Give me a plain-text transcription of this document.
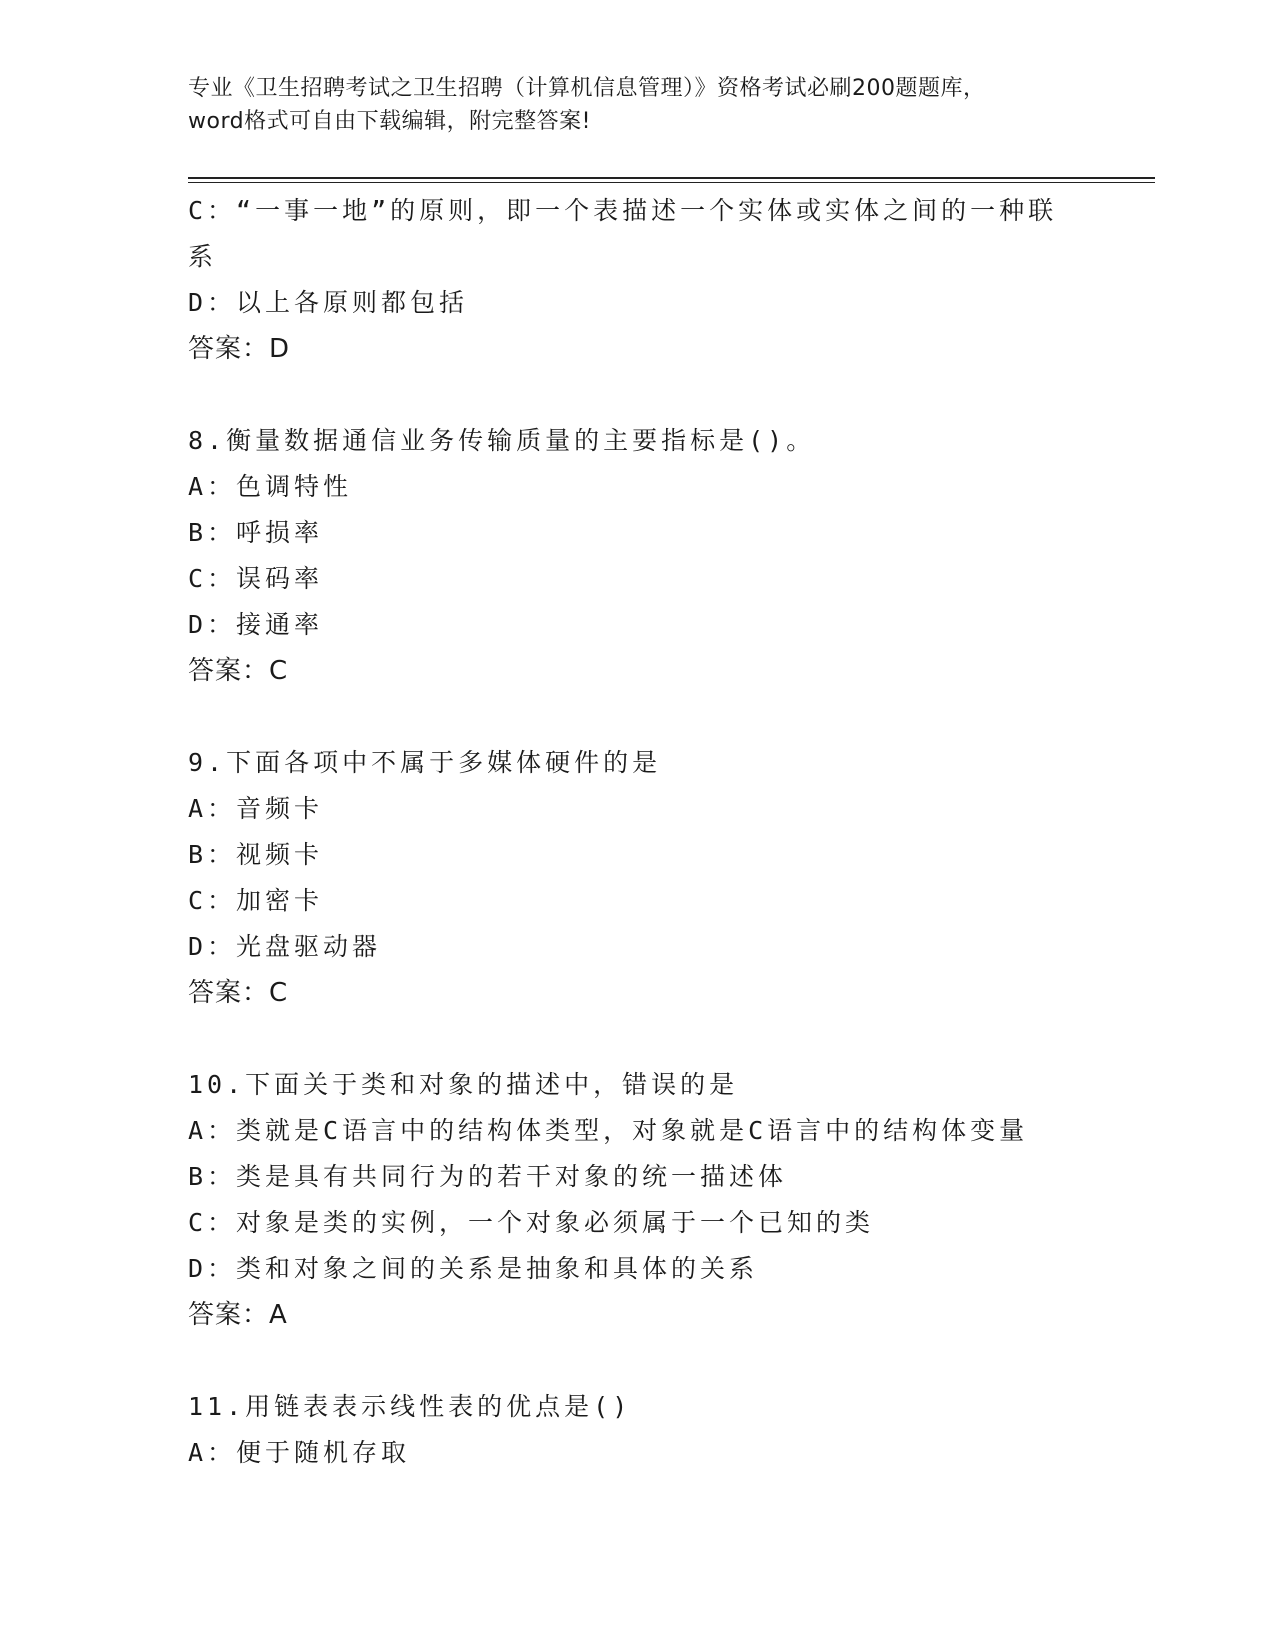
专业《卫生招聘考试之卫生招聘（计算机信息管理）》资格考试必刷200题题库，
word格式可自由下载编辑，附完整答案!
C：“一事一地”的原则，即一个表描述一个实体或实体之间的一种联
系
D：以上各原则都包括
答案：D
8.衡量数据通信业务传输质量的主要指标是()。
A：色调特性
B：呼损率
C：误码率
D：接通率
答案：C
9.下面各项中不属于多媒体硬件的是
A：音频卡
B：视频卡
C：加密卡
D：光盘驱动器
答案：C
10.下面关于类和对象的描述中，错误的是
A：类就是C语言中的结构体类型，对象就是C语言中的结构体变量
B：类是具有共同行为的若干对象的统一描述体
C：对象是类的实例，一个对象必须属于一个已知的类
D：类和对象之间的关系是抽象和具体的关系
答案：A
11.用链表表示线性表的优点是()
A：便于随机存取
